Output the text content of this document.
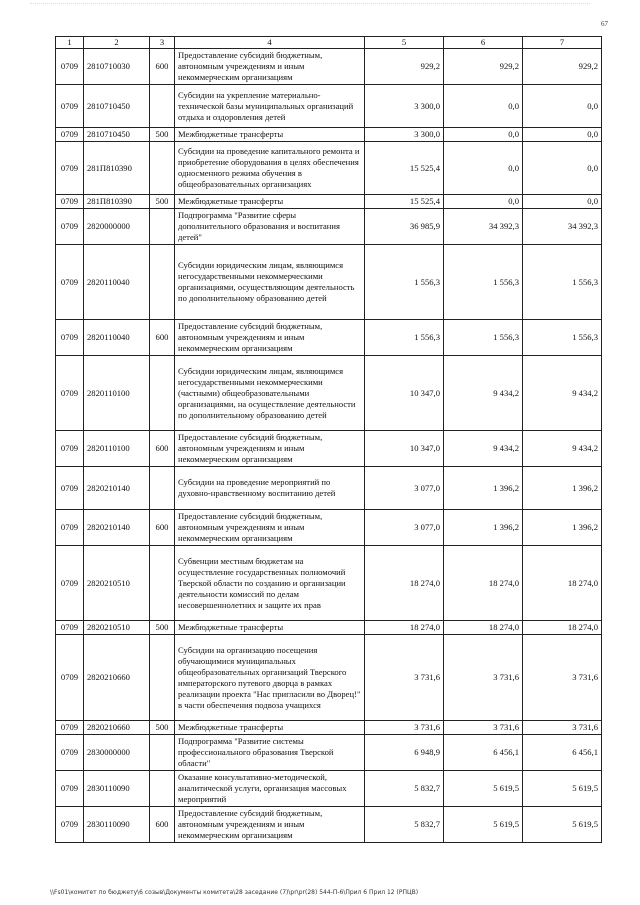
67
1	2	3	4	5	6	7
0709	2810710030	600	Предоставление субсидий бюджетным, автономным учреждениям и иным некоммерческим организациям	929,2	929,2	929,2
0709	2810710450		Субсидии на укрепление материально-технической базы муниципальных организаций отдыха и оздоровления детей	3 300,0	0,0	0,0
0709	2810710450	500	Межбюджетные трансферты	3 300,0	0,0	0,0
0709	281П810390		Субсидии на проведение капитального ремонта и приобретение оборудования в целях обеспечения односменного режима обучения в общеобразовательных организациях	15 525,4	0,0	0,0
0709	281П810390	500	Межбюджетные трансферты	15 525,4	0,0	0,0
0709	2820000000		Подпрограмма "Развитие сферы дополнительного образования и воспитания детей"	36 985,9	34 392,3	34 392,3
0709	2820110040		Субсидии юридическим лицам, являющимся негосударственными некоммерческими организациями, осуществляющим деятельность по дополнительному образованию детей	1 556,3	1 556,3	1 556,3
0709	2820110040	600	Предоставление субсидий бюджетным, автономным учреждениям и иным некоммерческим организациям	1 556,3	1 556,3	1 556,3
0709	2820110100		Субсидии юридическим лицам, являющимся негосударственными некоммерческими (частными) общеобразовательными организациями, на осуществление деятельности по дополнительному образованию детей	10 347,0	9 434,2	9 434,2
0709	2820110100	600	Предоставление субсидий бюджетным, автономным учреждениям и иным некоммерческим организациям	10 347,0	9 434,2	9 434,2
0709	2820210140		Субсидии на проведение мероприятий по духовно-нравственному воспитанию детей	3 077,0	1 396,2	1 396,2
0709	2820210140	600	Предоставление субсидий бюджетным, автономным учреждениям и иным некоммерческим организациям	3 077,0	1 396,2	1 396,2
0709	2820210510		Субвенции местным бюджетам на осуществление государственных полномочий Тверской области по созданию и организации деятельности комиссий по делам несовершеннолетних и защите их прав	18 274,0	18 274,0	18 274,0
0709	2820210510	500	Межбюджетные трансферты	18 274,0	18 274,0	18 274,0
0709	2820210660		Субсидии на организацию посещения обучающимися муниципальных общеобразовательных организаций Тверского императорского путевого дворца в рамках реализации проекта "Нас пригласили во Дворец!" в части обеспечения подвоза учащихся	3 731,6	3 731,6	3 731,6
0709	2820210660	500	Межбюджетные трансферты	3 731,6	3 731,6	3 731,6
0709	2830000000		Подпрограмма "Развитие системы профессионального образования Тверской области"	6 948,9	6 456,1	6 456,1
0709	2830110090		Оказание консультативно-методической, аналитической услуги, организация массовых мероприятий	5 832,7	5 619,5	5 619,5
0709	2830110090	600	Предоставление субсидий бюджетным, автономным учреждениям и иным некоммерческим организациям	5 832,7	5 619,5	5 619,5
\\Fs01\комитет по бюджету\6 созыв\Документы комитета\28 заседание (7)\pr\pr(28) 544-П-6\Прил 6 Прил 12 (РПЦВ)
